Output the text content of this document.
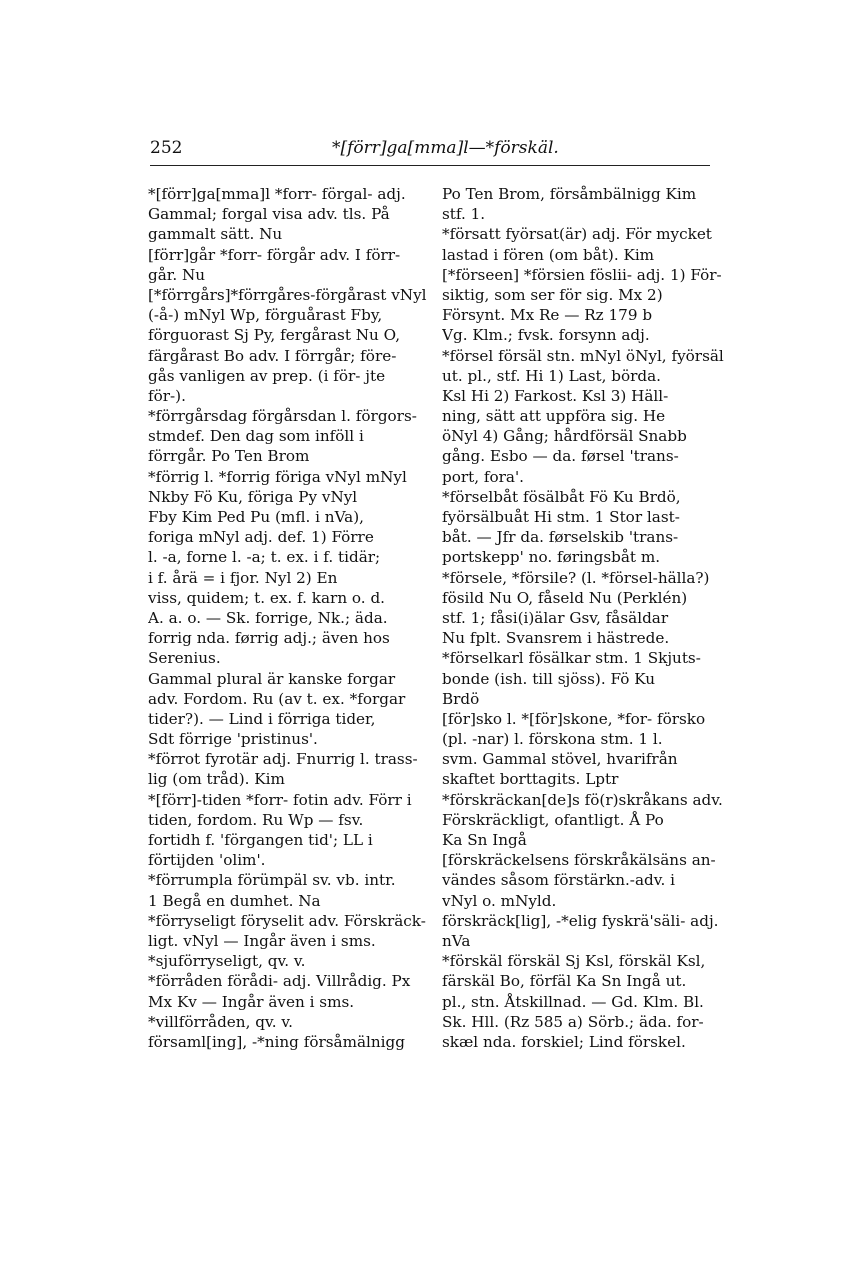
252	*[förr]ga[mma]l—*förskäl.
*[förr]ga[mma]l *forr- förgal- adj.
Gammal; forgal visa adv. tls. På
gammalt sätt. Nu
[förr]går *forr- förgår adv. I förr-
går. Nu
[*förrgårs]*förrgåres-förgårast vNyl
(-å-) mNyl Wp, förguårast Fby,
förguorast Sj Py, fergårast Nu O,
färgårast Bo adv. I förrgår; före-
gås vanligen av prep. (i för- jte
för-).
*förrgårsdag förgårsdan l. förgors-
stmdef. Den dag som inföll i
förrgår. Po Ten Brom
*förrig l. *forrig föriga vNyl mNyl
Nkby Fö Ku, föriga Py vNyl
Fby Kim Ped Pu (mfl. i nVa),
foriga mNyl adj. def. 1) Förre
l. -a, forne l. -a; t. ex. i f. tidär;
i f. årä = i fjor. Nyl 2) En
viss, quidem; t. ex. f. karn o. d.
A. a. o. — Sk. forrige, Nk.; äda.
forrig nda. førrig adj.; även hos
Serenius.
Gammal plural är kanske forgar
adv. Fordom. Ru (av t. ex. *forgar
tider?). — Lind i förriga tider,
Sdt förrige 'pristinus'.
*förrot fyrotär adj. Fnurrig l. trass-
lig (om tråd). Kim
*[förr]-tiden *forr- fotin adv. Förr i
tiden, fordom. Ru Wp — fsv.
fortidh f. 'förgangen tid'; LL i
förtijden 'olim'.
*förrumpla förümpäl sv. vb. intr.
1 Begå en dumhet. Na
*förryseligt föryselit adv. Förskräck-
ligt. vNyl — Ingår även i sms.
*sjuförryseligt, qv. v.
*förråden förådi- adj. Villrådig. Px
Mx Kv — Ingår även i sms.
*villförråden, qv. v.
församl[ing], -*ning försåmälnigg
Po Ten Brom, försåmbälnigg Kim
stf. 1.
*försatt fyörsat(är) adj. För mycket
lastad i fören (om båt). Kim
[*förseen] *försien föslii- adj. 1) För-
siktig, som ser för sig. Mx 2)
Försynt. Mx Re — Rz 179 b
Vg. Klm.; fvsk. forsynn adj.
*försel försäl stn. mNyl öNyl, fyörsäl
ut. pl., stf. Hi 1) Last, börda.
Ksl Hi 2) Farkost. Ksl 3) Häll-
ning, sätt att uppföra sig. He
öNyl 4) Gång; hårdförsäl Snabb
gång. Esbo — da. førsel 'trans-
port, fora'.
*förselbåt fösälbåt Fö Ku Brdö,
fyörsälbuåt Hi stm. 1 Stor last-
båt. — Jfr da. førselskib 'trans-
portskepp' no. føringsbåt m.
*försele, *försile? (l. *försel-hälla?)
fösild Nu O, fåseld Nu (Perklén)
stf. 1; fåsi(i)älar Gsv, fåsäldar
Nu fplt. Svansrem i hästrede.
*förselkarl fösälkar stm. 1 Skjuts-
bonde (ish. till sjöss). Fö Ku
Brdö
[för]sko l. *[för]skone, *for- försko
(pl. -nar) l. förskona stm. 1 l.
svm. Gammal stövel, hvarifrån
skaftet borttagits. Lptr
*förskräckan[de]s fö(r)skråkans adv.
Förskräckligt, ofantligt. Å Po
Ka Sn Ingå
[förskräckelsens förskråkälsäns an-
vändes såsom förstärkn.-adv. i
vNyl o. mNyld.
förskräck[lig], -*elig fyskrä'säli- adj.
nVa
*förskäl förskäl Sj Ksl, förskäl Ksl,
färskäl Bo, förfäl Ka Sn Ingå ut.
pl., stn. Åtskillnad. — Gd. Klm. Bl.
Sk. Hll. (Rz 585 a) Sörb.; äda. for-
skæl nda. forskiel; Lind förskel.
